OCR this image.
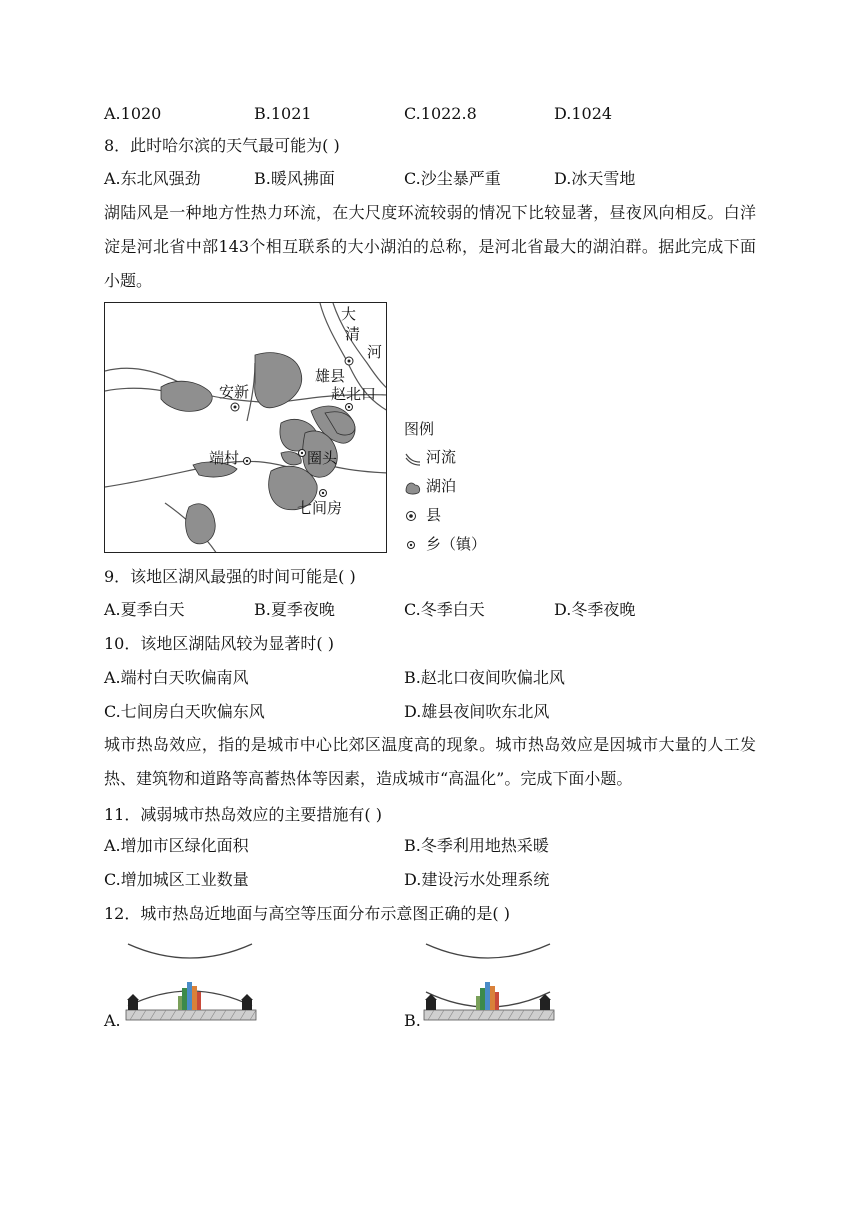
A.1020	B.1021	C.1022.8	D.1024
8．此时哈尔滨的天气最可能为( )
A.东北风强劲	B.暖风拂面	C.沙尘暴严重	D.冰天雪地
湖陆风是一种地方性热力环流，在大尺度环流较弱的情况下比较显著，昼夜风向相反。白洋淀是河北省中部143个相互联系的大小湖泊的总称，是河北省最大的湖泊群。据此完成下面小题。
大
清
河
雄县
赵北口
安新
端村	圈头
七间房
图例
河流
湖泊
县
乡（镇）
9．该地区湖风最强的时间可能是( )
A.夏季白天	B.夏季夜晚	C.冬季白天	D.冬季夜晚
10．该地区湖陆风较为显著时( )
A.端村白天吹偏南风	B.赵北口夜间吹偏北风
C.七间房白天吹偏东风	D.雄县夜间吹东北风
城市热岛效应，指的是城市中心比郊区温度高的现象。城市热岛效应是因城市大量的人工发热、建筑物和道路等高蓄热体等因素，造成城市“高温化”。完成下面小题。
11．减弱城市热岛效应的主要措施有( )
A.增加市区绿化面积	B.冬季利用地热采暖
C.增加城区工业数量	D.建设污水处理系统
12．城市热岛近地面与高空等压面分布示意图正确的是( )
A.	B.
